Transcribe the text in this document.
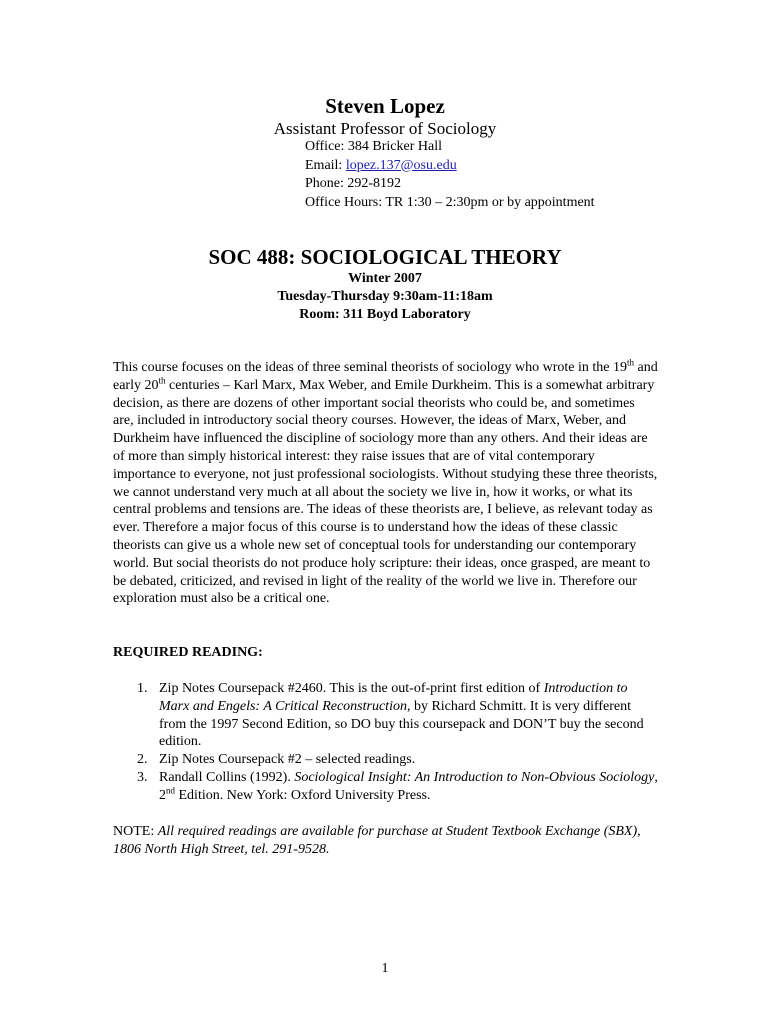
Steven Lopez
Assistant Professor of Sociology
Office: 384 Bricker Hall
Email: lopez.137@osu.edu
Phone: 292-8192
Office Hours: TR 1:30 – 2:30pm or by appointment
SOC 488: SOCIOLOGICAL THEORY
Winter 2007
Tuesday-Thursday 9:30am-11:18am
Room: 311 Boyd Laboratory
This course focuses on the ideas of three seminal theorists of sociology who wrote in the 19th and early 20th centuries – Karl Marx, Max Weber, and Emile Durkheim. This is a somewhat arbitrary decision, as there are dozens of other important social theorists who could be, and sometimes are, included in introductory social theory courses. However, the ideas of Marx, Weber, and Durkheim have influenced the discipline of sociology more than any others. And their ideas are of more than simply historical interest: they raise issues that are of vital contemporary importance to everyone, not just professional sociologists. Without studying these three theorists, we cannot understand very much at all about the society we live in, how it works, or what its central problems and tensions are. The ideas of these theorists are, I believe, as relevant today as ever. Therefore a major focus of this course is to understand how the ideas of these classic theorists can give us a whole new set of conceptual tools for understanding our contemporary world. But social theorists do not produce holy scripture: their ideas, once grasped, are meant to be debated, criticized, and revised in light of the reality of the world we live in. Therefore our exploration must also be a critical one.
REQUIRED READING:
1. Zip Notes Coursepack #2460. This is the out-of-print first edition of Introduction to Marx and Engels: A Critical Reconstruction, by Richard Schmitt. It is very different from the 1997 Second Edition, so DO buy this coursepack and DON’T buy the second edition.
2. Zip Notes Coursepack #2 – selected readings.
3. Randall Collins (1992). Sociological Insight: An Introduction to Non-Obvious Sociology, 2nd Edition. New York: Oxford University Press.
NOTE: All required readings are available for purchase at Student Textbook Exchange (SBX), 1806 North High Street, tel. 291-9528.
1
